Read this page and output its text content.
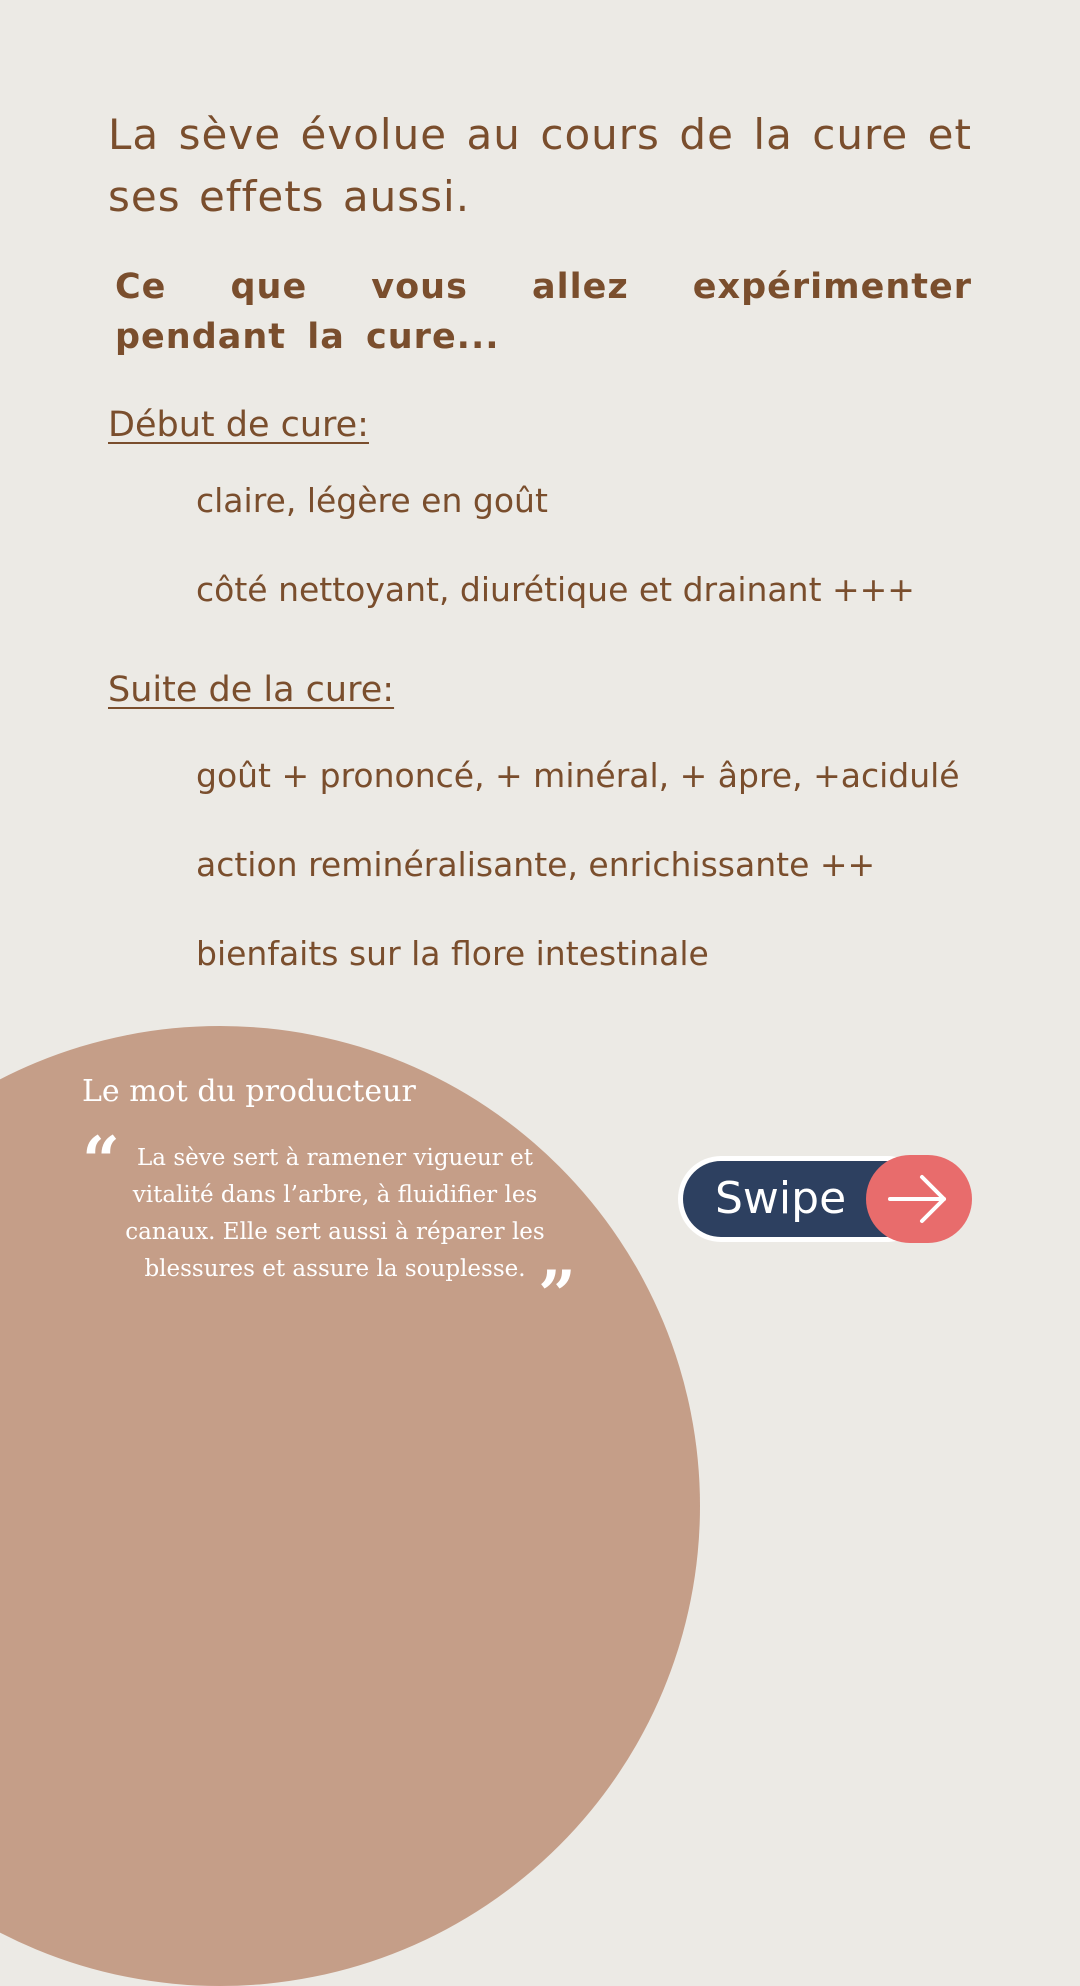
La sève évolue au cours de la cure et ses effets aussi.

Ce que vous allez expérimenter pendant la cure...

Début de cure:

claire, légère en goût

côté nettoyant, diurétique et drainant +++

Suite de la cure:

goût + prononcé, + minéral, + âpre, +acidulé

action reminéralisante, enrichissante ++

bienfaits sur la flore intestinale

Le mot du producteur
“ La sève sert à ramener vigueur et vitalité dans l’arbre, à fluidifier les canaux. Elle sert aussi à réparer les blessures et assure la souplesse. ”
Swipe
